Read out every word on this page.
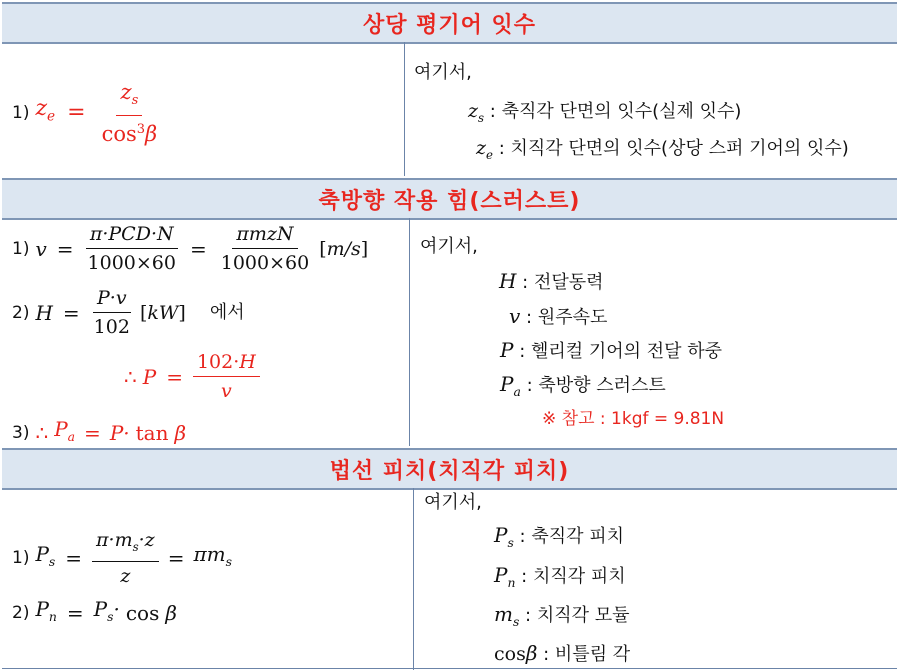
상당 평기어 잇수
1) $z_e = \frac{z_s}{\cos^3\beta}$
여기서,
$z_s$ : 축직각 단면의 잇수(실제 잇수)
$z_e$ : 치직각 단면의 잇수(상당 스퍼 기어의 잇수)
축방향 작용 힘(스러스트)
1) $v = \frac{\text{π·PCD·N}}{1000\times 60} = \frac{\text{πmzN}}{1000\times 60} [m/s]$
2) $H = \frac{P\cdot v}{102} [kW]$ 에서
∴ $P = \frac{102\cdot H}{v}$
3) ∴ $P_a = P\cdot \tan \beta$
여기서,
H : 전달동력
v : 원주속도
P : 헬리컬 기어의 전달 하중
$P_a$ : 축방향 스러스트
※ 참고 : 1kgf = 9.81N
법선 피치(치직각 피치)
1) $P_s = \frac{\pi\cdot m_s\cdot z}{z} = \pi m_s$
2) $P_n = P_s\cdot \cos \beta$
여기서,
$P_s$ : 축직각 피치
$P_n$ : 치직각 피치
$m_s$ : 치직각 모듈
cosβ : 비틀림 각
